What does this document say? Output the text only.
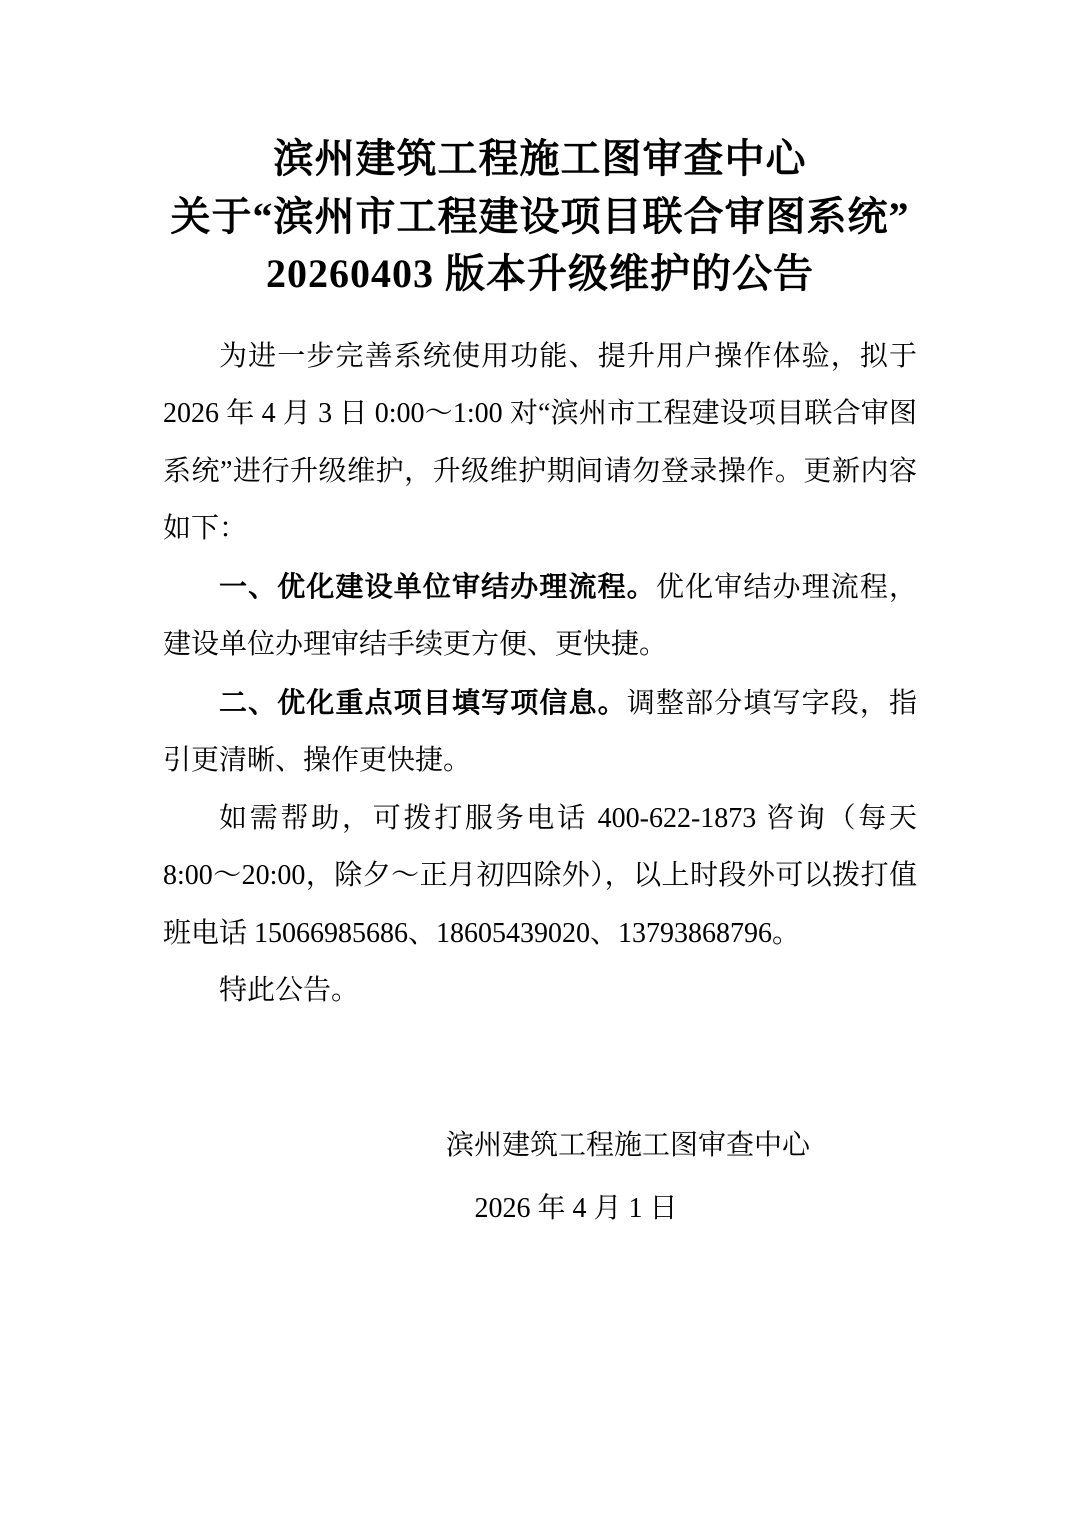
滨州建筑工程施工图审查中心
关于“滨州市工程建设项目联合审图系统”
20260403 版本升级维护的公告

为进一步完善系统使用功能、提升用户操作体验，拟于 2026 年 4 月 3 日 0:00～1:00 对“滨州市工程建设项目联合审图系统”进行升级维护，升级维护期间请勿登录操作。更新内容如下：

一、优化建设单位审结办理流程。优化审结办理流程，建设单位办理审结手续更方便、更快捷。

二、优化重点项目填写项信息。调整部分填写字段，指引更清晰、操作更快捷。

如需帮助，可拨打服务电话 400-622-1873 咨询（每天 8:00～20:00，除夕～正月初四除外），以上时段外可以拨打值班电话 15066985686、18605439020、13793868796。

特此公告。

滨州建筑工程施工图审查中心
2026 年 4 月 1 日
